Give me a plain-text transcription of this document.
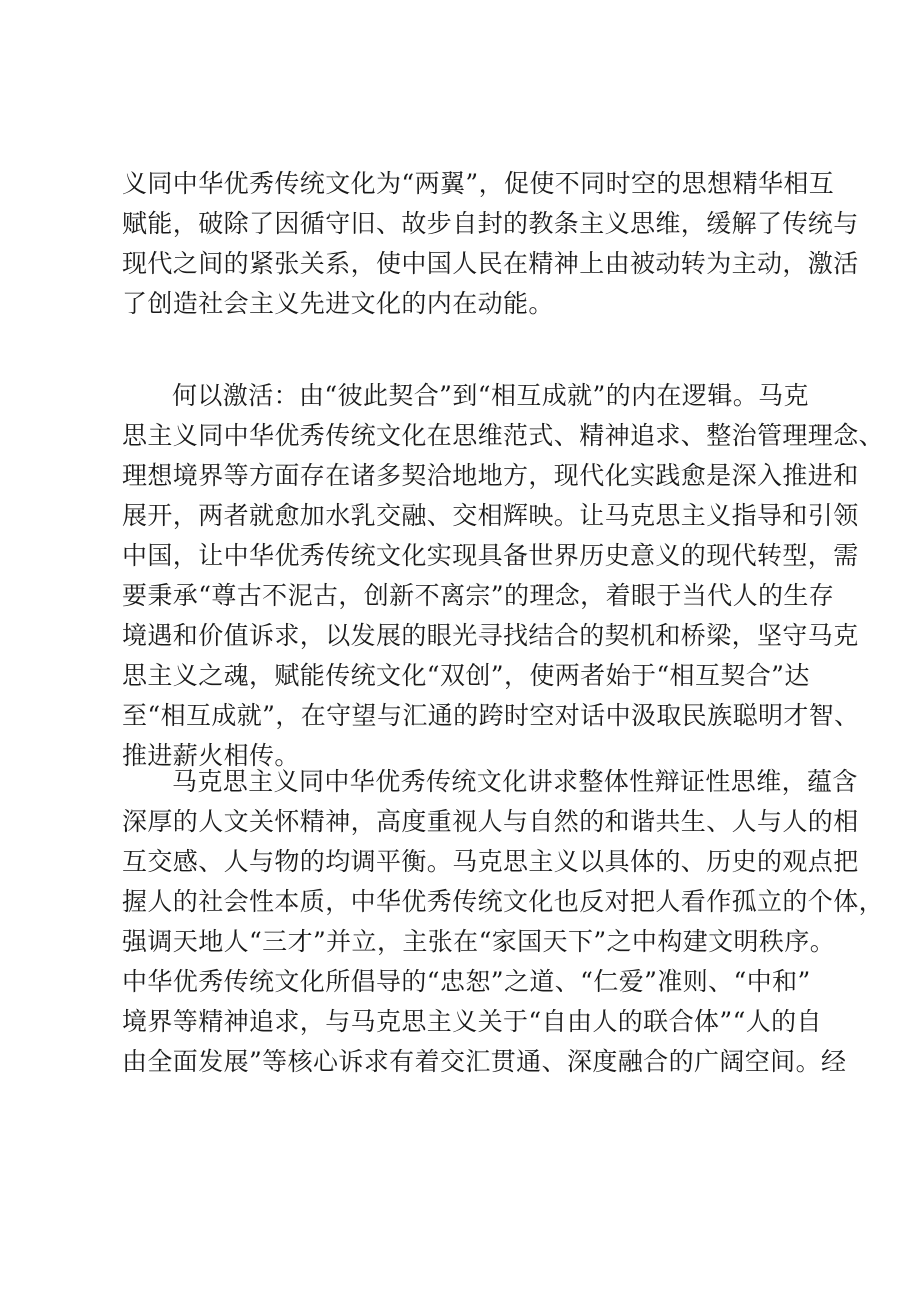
义同中华优秀传统文化为“两翼”，促使不同时空的思想精华相互
赋能，破除了因循守旧、故步自封的教条主义思维，缓解了传统与
现代之间的紧张关系，使中国人民在精神上由被动转为主动，激活
了创造社会主义先进文化的内在动能。

何以激活：由“彼此契合”到“相互成就”的内在逻辑。马克
思主义同中华优秀传统文化在思维范式、精神追求、整治管理理念、
理想境界等方面存在诸多契洽地地方，现代化实践愈是深入推进和
展开，两者就愈加水乳交融、交相辉映。让马克思主义指导和引领
中国，让中华优秀传统文化实现具备世界历史意义的现代转型，需
要秉承“尊古不泥古，创新不离宗”的理念，着眼于当代人的生存
境遇和价值诉求，以发展的眼光寻找结合的契机和桥梁，坚守马克
思主义之魂，赋能传统文化“双创”，使两者始于“相互契合”达
至“相互成就”，在守望与汇通的跨时空对话中汲取民族聪明才智、
推进薪火相传。

马克思主义同中华优秀传统文化讲求整体性辩证性思维，蕴含
深厚的人文关怀精神，高度重视人与自然的和谐共生、人与人的相
互交感、人与物的均调平衡。马克思主义以具体的、历史的观点把
握人的社会性本质，中华优秀传统文化也反对把人看作孤立的个体，
强调天地人“三才”并立，主张在“家国天下”之中构建文明秩序。
中华优秀传统文化所倡导的“忠恕”之道、“仁爱”准则、“中和”
境界等精神追求，与马克思主义关于“自由人的联合体”“人的自
由全面发展”等核心诉求有着交汇贯通、深度融合的广阔空间。经
